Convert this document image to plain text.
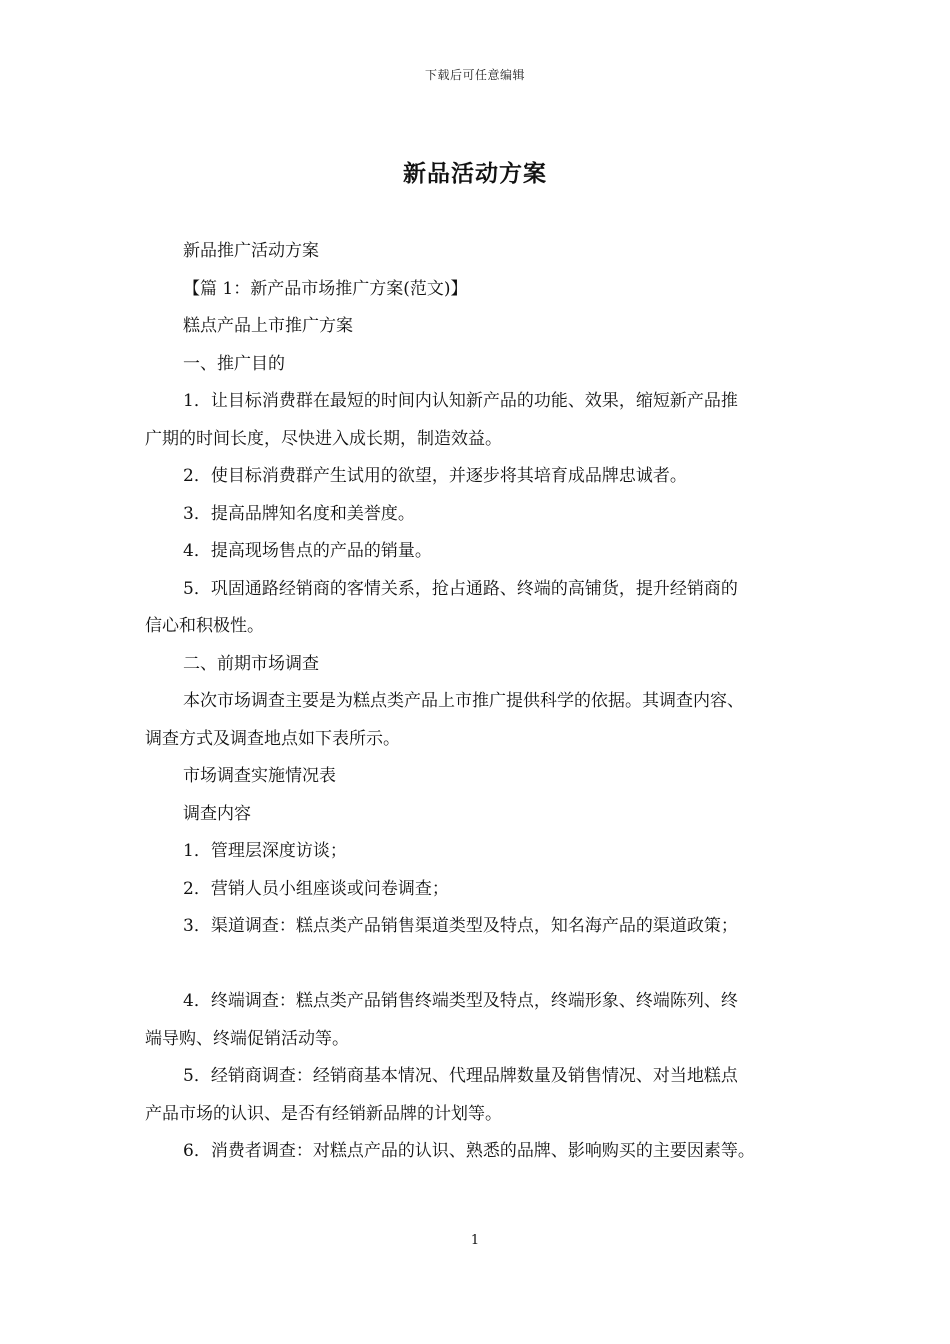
下载后可任意编辑
新品活动方案

新品推广活动方案

【篇 1：新产品市场推广方案(范文)】

糕点产品上市推广方案

一、推广目的

1．让目标消费群在最短的时间内认知新产品的功能、效果，缩短新产品推

广期的时间长度，尽快进入成长期，制造效益。

2．使目标消费群产生试用的欲望，并逐步将其培育成品牌忠诚者。

3．提高品牌知名度和美誉度。

4．提高现场售点的产品的销量。

5．巩固通路经销商的客情关系，抢占通路、终端的高铺货，提升经销商的

信心和积极性。

二、前期市场调查

本次市场调查主要是为糕点类产品上市推广提供科学的依据。其调查内容、

调查方式及调查地点如下表所示。

市场调查实施情况表

调查内容

1．管理层深度访谈；

2．营销人员小组座谈或问卷调查；

3．渠道调查：糕点类产品销售渠道类型及特点，知名海产品的渠道政策；

4．终端调查：糕点类产品销售终端类型及特点，终端形象、终端陈列、终

端导购、终端促销活动等。

5．经销商调查：经销商基本情况、代理品牌数量及销售情况、对当地糕点

产品市场的认识、是否有经销新品牌的计划等。

6．消费者调查：对糕点产品的认识、熟悉的品牌、影响购买的主要因素等。

1
